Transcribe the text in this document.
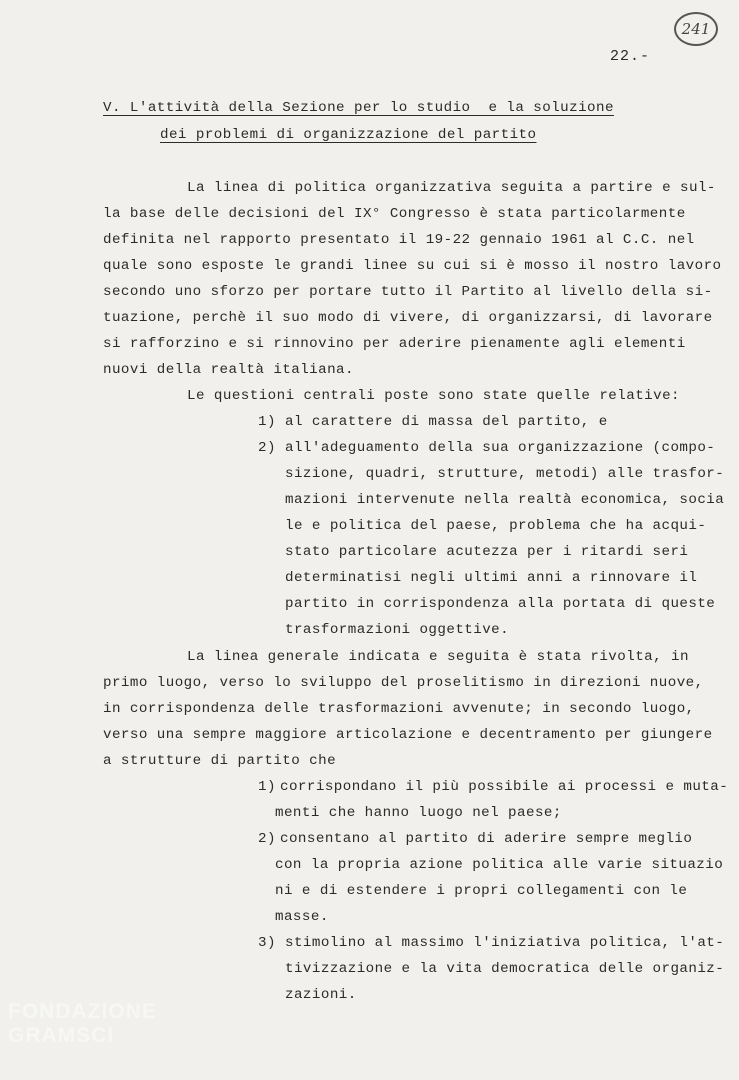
241
22.-
V. L'attività della Sezione per lo studio  e la soluzione
dei problemi di organizzazione del partito
La linea di politica organizzativa seguita a partire e sul-
la base delle decisioni del IX° Congresso è stata particolarmente
definita nel rapporto presentato il 19-22 gennaio 1961 al C.C. nel
quale sono esposte le grandi linee su cui si è mosso il nostro lavoro
secondo uno sforzo per portare tutto il Partito al livello della si-
tuazione, perchè il suo modo di vivere, di organizzarsi, di lavorare
si rafforzino e si rinnovino per aderire pienamente agli elementi
nuovi della realtà italiana.
Le questioni centrali poste sono state quelle relative:
1) al carattere di massa del partito, e
2) all'adeguamento della sua organizzazione (compo-
sizione, quadri, strutture, metodi) alle trasfor-
mazioni intervenute nella realtà economica, socia
le e politica del paese, problema che ha acqui-
stato particolare acutezza per i ritardi seri
determinatisi negli ultimi anni a rinnovare il
partito in corrispondenza alla portata di queste
trasformazioni oggettive.
La linea generale indicata e seguita è stata rivolta, in
primo luogo, verso lo sviluppo del proselitismo in direzioni nuove,
in corrispondenza delle trasformazioni avvenute; in secondo luogo,
verso una sempre maggiore articolazione e decentramento per giungere
a strutture di partito che
1) corrispondano il più possibile ai processi e muta-
menti che hanno luogo nel paese;
2) consentano al partito di aderire sempre meglio
con la propria azione politica alle varie situazio
ni e di estendere i propri collegamenti con le
masse.
3) stimolino al massimo l'iniziativa politica, l'at-
tivizzazione e la vita democratica delle organiz-
zazioni.
FONDAZIONE GRAMSCI
